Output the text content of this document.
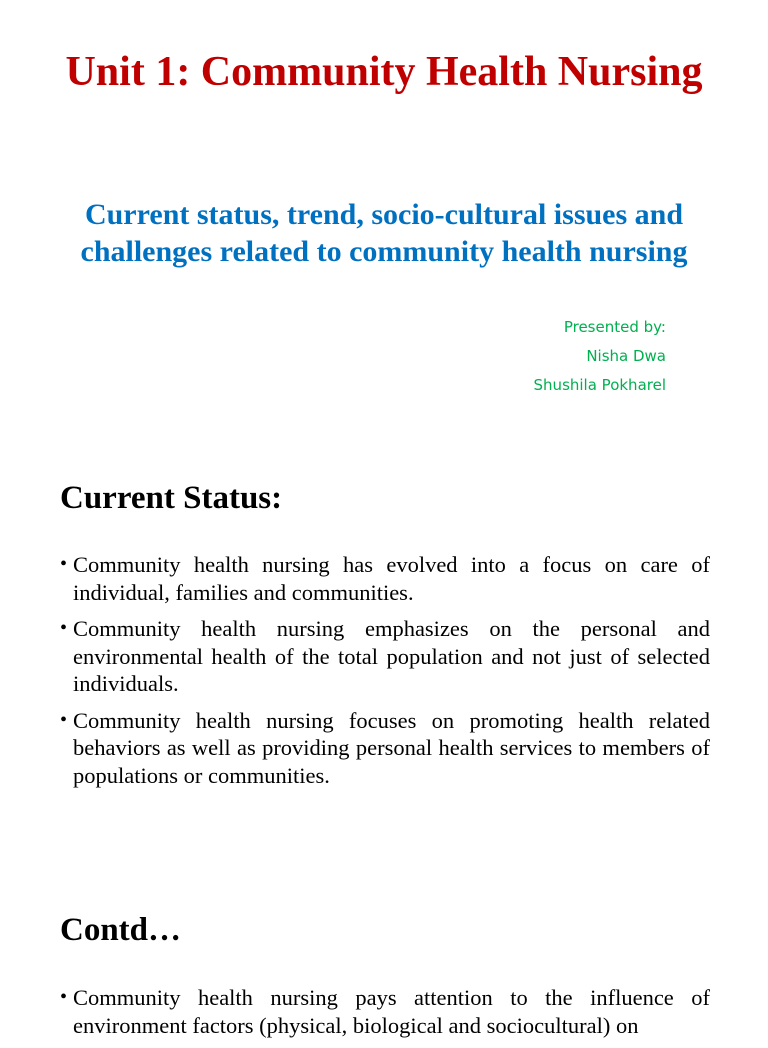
Unit 1: Community Health Nursing
Current status, trend, socio-cultural issues and challenges related to community health nursing
Presented by:
Nisha Dwa
Shushila Pokharel
Current Status:
• Community health nursing has evolved into a focus on care of individual, families and communities.
• Community health nursing emphasizes on the personal and environmental health of the total population and not just of selected individuals.
• Community health nursing focuses on promoting health related behaviors as well as providing personal health services to members of populations or communities.
Contd…
• Community health nursing pays attention to the influence of environment factors (physical, biological and sociocultural) on
